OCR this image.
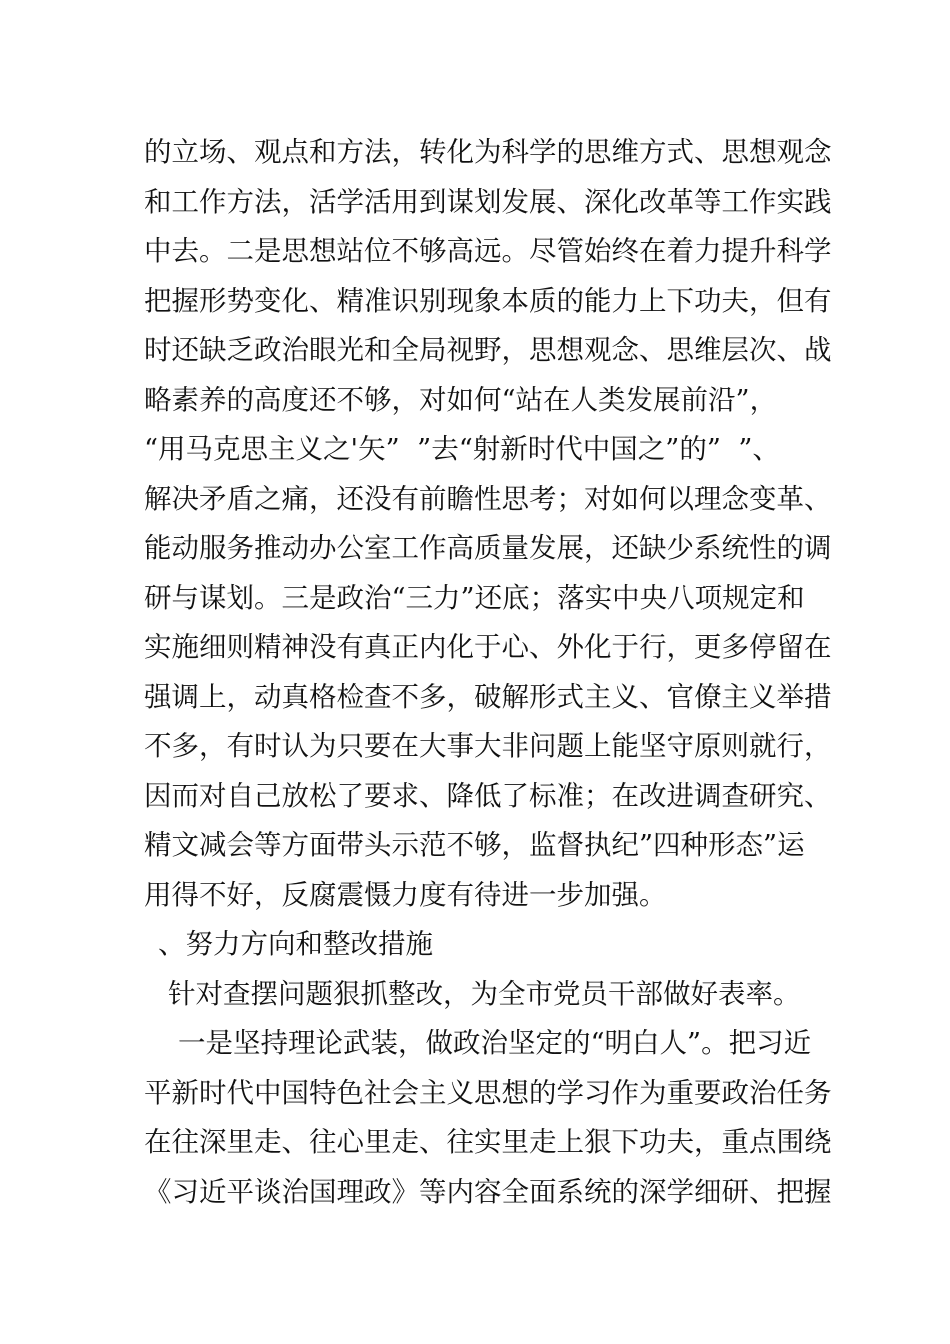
的立场、观点和方法，转化为科学的思维方式、思想观念
和工作方法，活学活用到谋划发展、深化改革等工作实践
中去。二是思想站位不够高远。尽管始终在着力提升科学
把握形势变化、精准识别现象本质的能力上下功夫，但有
时还缺乏政治眼光和全局视野，思想观念、思维层次、战
略素养的高度还不够，对如何“站在人类发展前沿”，
“用马克思主义之'矢”  ”去“射新时代中国之”的”  ”、
解决矛盾之痛，还没有前瞻性思考；对如何以理念变革、
能动服务推动办公室工作高质量发展，还缺少系统性的调
研与谋划。三是政治“三力”还底；落实中央八项规定和
实施细则精神没有真正内化于心、外化于行，更多停留在
强调上，动真格检查不多，破解形式主义、官僚主义举措
不多，有时认为只要在大事大非问题上能坚守原则就行，
因而对自己放松了要求、降低了标准；在改进调查研究、
精文减会等方面带头示范不够，监督执纪”四种形态”运
用得不好，反腐震慑力度有待进一步加强。
、努力方向和整改措施
针对查摆问题狠抓整改，为全市党员干部做好表率。
一是坚持理论武装，做政治坚定的“明白人”。把习近
平新时代中国特色社会主义思想的学习作为重要政治任务
在往深里走、往心里走、往实里走上狠下功夫，重点围绕
《习近平谈治国理政》等内容全面系统的深学细研、把握
